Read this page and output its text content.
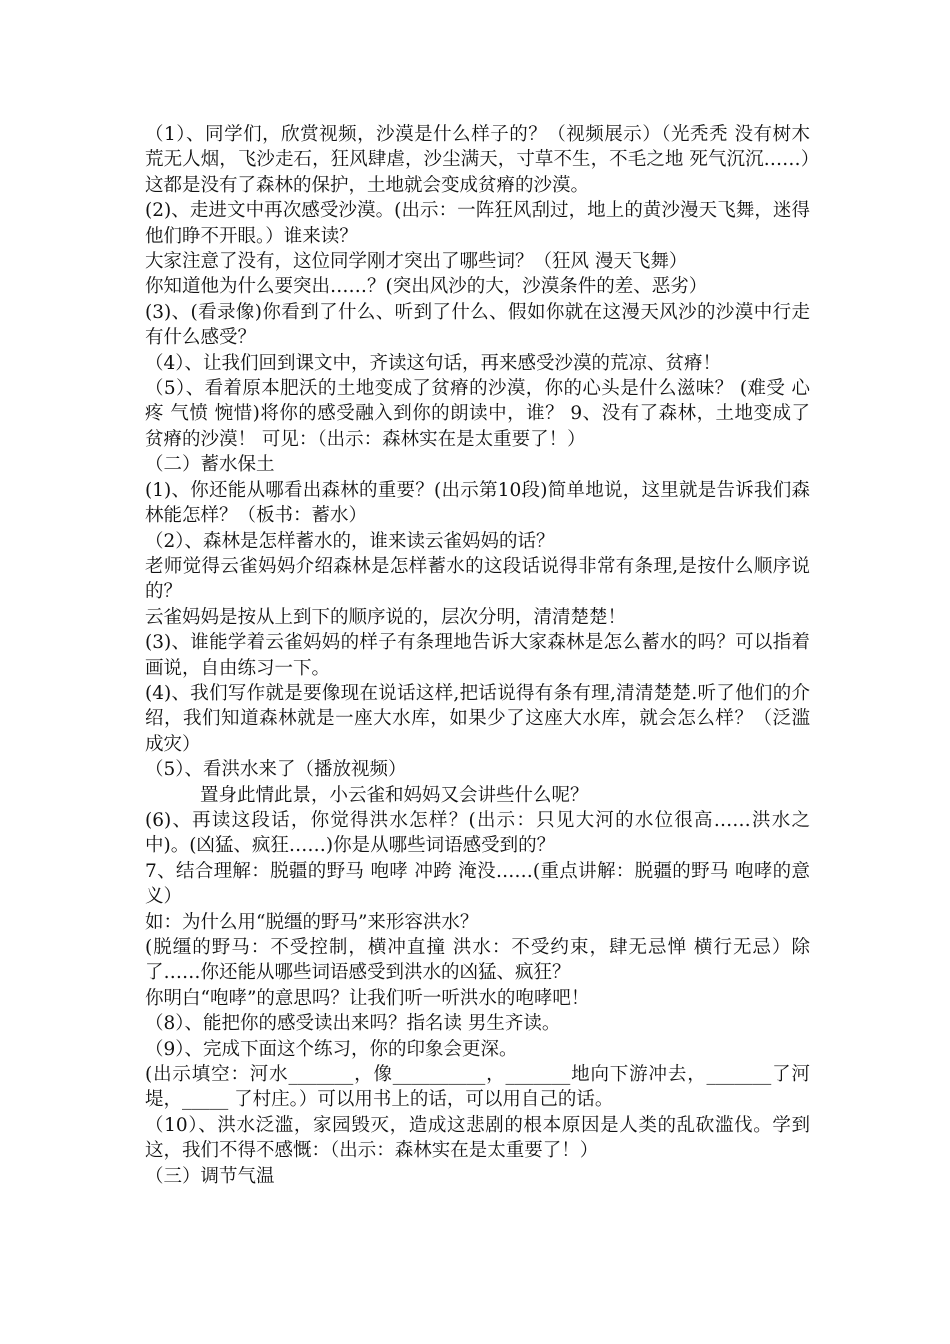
（1）、同学们，欣赏视频，沙漠是什么样子的？（视频展示）（光秃秃 没有树木 荒无人烟，飞沙走石，狂风肆虐，沙尘满天，寸草不生，不毛之地 死气沉沉……）这都是没有了森林的保护，土地就会变成贫瘠的沙漠。

(2)、走进文中再次感受沙漠。(出示：一阵狂风刮过，地上的黄沙漫天飞舞，迷得他们睁不开眼。）谁来读？

大家注意了没有，这位同学刚才突出了哪些词？（狂风 漫天飞舞）

你知道他为什么要突出……？(突出风沙的大，沙漠条件的差、恶劣）

(3)、(看录像)你看到了什么、听到了什么、假如你就在这漫天风沙的沙漠中行走有什么感受？

（4）、让我们回到课文中，齐读这句话，再来感受沙漠的荒凉、贫瘠！

（5）、看着原本肥沃的土地变成了贫瘠的沙漠，你的心头是什么滋味？ (难受 心疼 气愤 惋惜)将你的感受融入到你的朗读中，谁？ 9、没有了森林，土地变成了贫瘠的沙漠！ 可见：（出示：森林实在是太重要了！）

（二）蓄水保土

(1)、你还能从哪看出森林的重要？(出示第10段)简单地说，这里就是告诉我们森林能怎样？（板书：蓄水）

（2）、森林是怎样蓄水的，谁来读云雀妈妈的话？

老师觉得云雀妈妈介绍森林是怎样蓄水的这段话说得非常有条理,是按什么顺序说的？

云雀妈妈是按从上到下的顺序说的，层次分明，清清楚楚！

(3)、谁能学着云雀妈妈的样子有条理地告诉大家森林是怎么蓄水的吗？可以指着画说，自由练习一下。

(4)、我们写作就是要像现在说话这样,把话说得有条有理,清清楚楚.听了他们的介绍，我们知道森林就是一座大水库，如果少了这座大水库，就会怎么样？（泛滥成灾）

（5）、看洪水来了（播放视频）

置身此情此景，小云雀和妈妈又会讲些什么呢？

(6)、再读这段话，你觉得洪水怎样？(出示：只见大河的水位很高……洪水之中)。(凶猛、疯狂……)你是从哪些词语感受到的？

7、结合理解：脱疆的野马 咆哮 冲跨 淹没……(重点讲解：脱疆的野马 咆哮的意义）

如：为什么用“脱缰的野马”来形容洪水？

(脱缰的野马：不受控制，横冲直撞 洪水：不受约束，肆无忌惮 横行无忌）除了……你还能从哪些词语感受到洪水的凶猛、疯狂？

你明白“咆哮”的意思吗？让我们听一听洪水的咆哮吧！

（8）、能把你的感受读出来吗？指名读 男生齐读。

（9）、完成下面这个练习，你的印象会更深。

(出示填空：河水_______，像__________，_______地向下游冲去，_______了河堤，_____ 了村庄。）可以用书上的话，可以用自己的话。

（10）、洪水泛滥，家园毁灭，造成这悲剧的根本原因是人类的乱砍滥伐。学到这，我们不得不感慨：（出示：森林实在是太重要了！）

（三）调节气温
